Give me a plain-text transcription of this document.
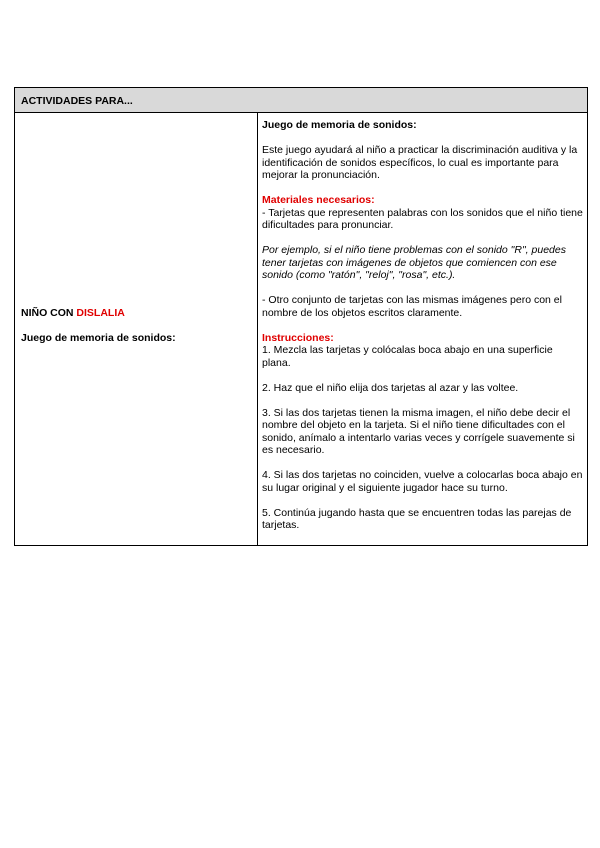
ACTIVIDADES PARA...
NIÑO CON DISLALIA
Juego de memoria de sonidos:

Juego de memoria de sonidos:

Este juego ayudará al niño a practicar la discriminación auditiva y la identificación de sonidos específicos, lo cual es importante para mejorar la pronunciación.

Materiales necesarios:
- Tarjetas que representen palabras con los sonidos que el niño tiene dificultades para pronunciar.

Por ejemplo, si el niño tiene problemas con el sonido "R", puedes tener tarjetas con imágenes de objetos que comiencen con ese sonido (como "ratón", "reloj", "rosa", etc.).

- Otro conjunto de tarjetas con las mismas imágenes pero con el nombre de los objetos escritos claramente.

Instrucciones:
1. Mezcla las tarjetas y colócalas boca abajo en una superficie plana.

2. Haz que el niño elija dos tarjetas al azar y las voltee.

3. Si las dos tarjetas tienen la misma imagen, el niño debe decir el nombre del objeto en la tarjeta. Si el niño tiene dificultades con el sonido, anímalo a intentarlo varias veces y corrígele suavemente si es necesario.

4. Si las dos tarjetas no coinciden, vuelve a colocarlas boca abajo en su lugar original y el siguiente jugador hace su turno.

5. Continúa jugando hasta que se encuentren todas las parejas de tarjetas.
